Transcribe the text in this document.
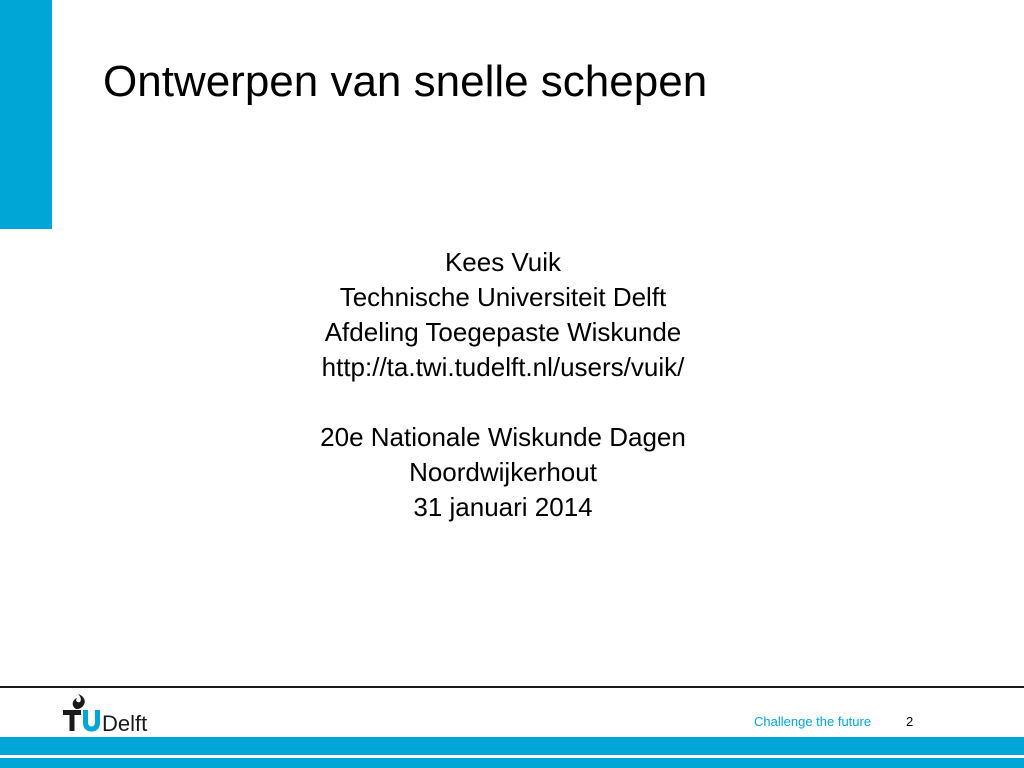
Ontwerpen van snelle schepen
Kees Vuik
Technische Universiteit Delft
Afdeling Toegepaste Wiskunde
http://ta.twi.tudelft.nl/users/vuik/
20e Nationale Wiskunde Dagen
Noordwijkerhout
31 januari 2014
Delft	Challenge the future	2
